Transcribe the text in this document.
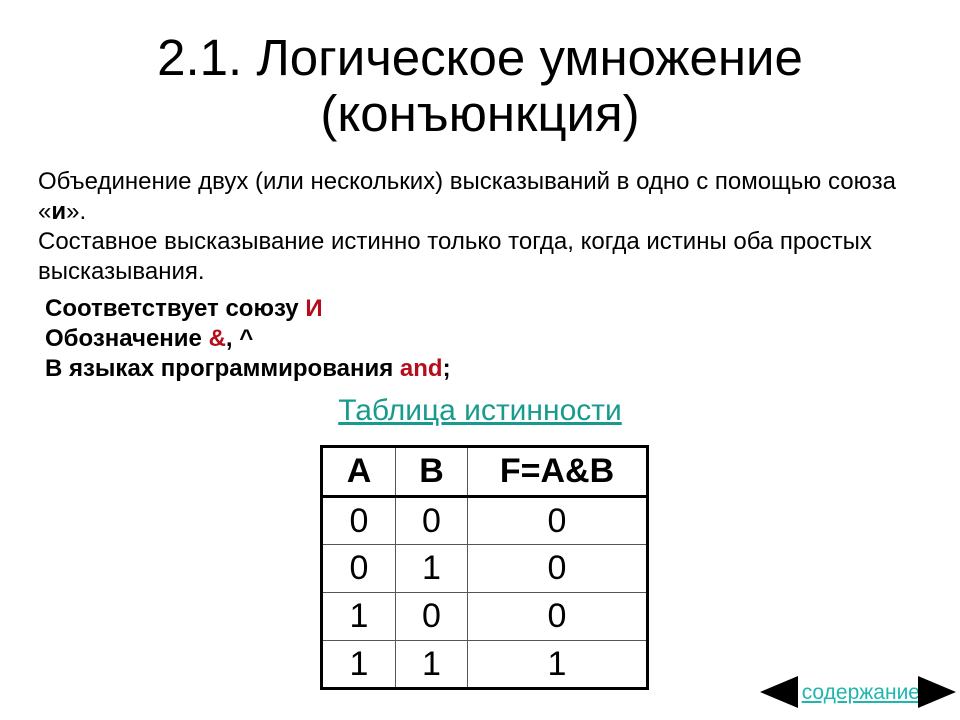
2.1. Логическое умножение
(конъюнкция)

Объединение двух (или нескольких) высказываний в одно с помощью союза «и».

Составное высказывание истинно только тогда, когда истины оба простых высказывания.

Соответствует союзу И
Обозначение &, ^
В языках программирования and;
Таблица истинности
A	B	F=A&B
0	0	0
0	1	0
1	0	0
1	1	1
содержание
